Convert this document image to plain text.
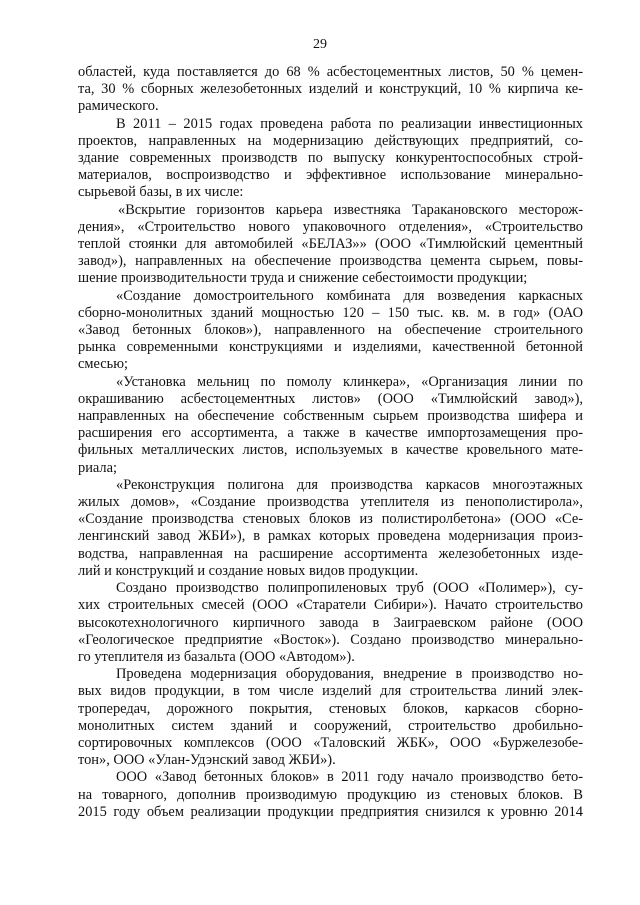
29
областей, куда поставляется до 68 % асбестоцементных листов, 50 % цемен-
та, 30 % сборных железобетонных изделий и конструкций, 10 % кирпича ке-
рамического.
В 2011 – 2015 годах проведена работа по реализации инвестиционных
проектов, направленных на модернизацию действующих предприятий, со-
здание современных производств по выпуску конкурентоспособных строй-
материалов, воспроизводство и эффективное использование минерально-
сырьевой базы, в их числе:
«Вскрытие горизонтов карьера известняка Таракановского месторож-
дения», «Строительство нового упаковочного отделения», «Строительство
теплой стоянки для автомобилей «БЕЛАЗ»» (ООО «Тимлюйский цементный
завод»), направленных на обеспечение производства цемента сырьем, повы-
шение производительности труда и снижение себестоимости продукции;
«Создание домостроительного комбината для возведения каркасных
сборно-монолитных зданий мощностью 120 – 150 тыс. кв. м. в год» (ОАО
«Завод бетонных блоков»), направленного на обеспечение строительного
рынка современными конструкциями и изделиями, качественной бетонной
смесью;
«Установка мельниц по помолу клинкера», «Организация линии по
окрашиванию асбестоцементных листов» (ООО «Тимлюйский завод»),
направленных на обеспечение собственным сырьем производства шифера и
расширения его ассортимента, а также в качестве импортозамещения про-
фильных металлических листов, используемых в качестве кровельного мате-
риала;
«Реконструкция полигона для производства каркасов многоэтажных
жилых домов», «Создание производства утеплителя из пенополистирола»,
«Создание производства стеновых блоков из полистиролбетона» (ООО «Се-
ленгинский завод ЖБИ»), в рамках которых проведена модернизация произ-
водства, направленная на расширение ассортимента железобетонных изде-
лий и конструкций и создание новых видов продукции.
Создано производство полипропиленовых труб (ООО «Полимер»), су-
хих строительных смесей (ООО «Старатели Сибири»). Начато строительство
высокотехнологичного кирпичного завода в Заиграевском районе (ООО
«Геологическое предприятие «Восток»). Создано производство минерально-
го утеплителя из базальта (ООО «Автодом»).
Проведена модернизация оборудования, внедрение в производство но-
вых видов продукции, в том числе изделий для строительства линий элек-
тропередач, дорожного покрытия, стеновых блоков, каркасов сборно-
монолитных систем зданий и сооружений, строительство дробильно-
сортировочных комплексов (ООО «Таловский ЖБК», ООО «Буржелезобе-
тон», ООО «Улан-Удэнский завод ЖБИ»).
ООО «Завод бетонных блоков» в 2011 году начало производство бето-
на товарного, дополнив производимую продукцию из стеновых блоков. В
2015 году объем реализации продукции предприятия снизился к уровню 2014
